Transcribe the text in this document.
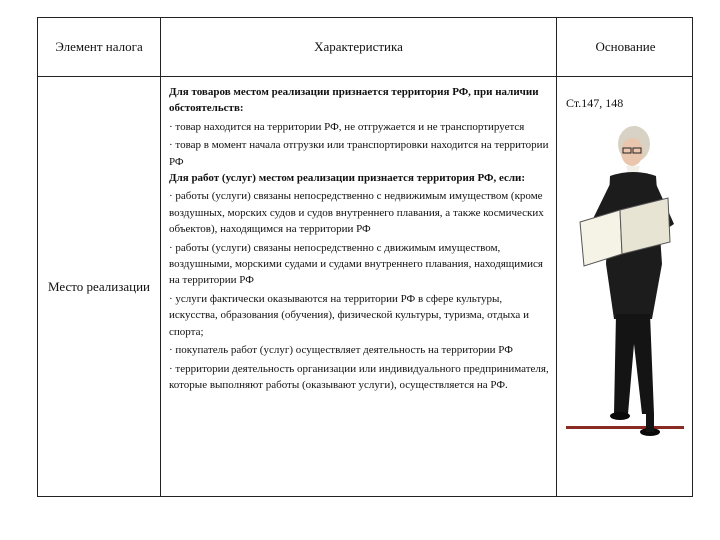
Элемент налога	Характеристика	Основание
Место реализации

Для товаров местом реализации признается территория РФ, при наличии обстоятельств:

· товар находится на территории РФ, не отгружается и не транспортируется

· товар в момент начала отгрузки или транспортировки находится на территории РФ

Для работ (услуг) местом реализации признается территория РФ, если:

· работы (услуги) связаны непосредственно с недвижимым имуществом (кроме воздушных, морских судов и судов внутреннего плавания, а также космических объектов), находящимся на территории РФ

· работы (услуги) связаны непосредственно с движимым имуществом, воздушными, морскими судами и судами внутреннего плавания, находящимися на территории РФ

· услуги фактически оказываются на территории РФ в сфере культуры, искусства, образования (обучения), физической культуры, туризма, отдыха и спорта;

· покупатель работ (услуг) осуществляет деятельность на территории РФ

· территории деятельность организации или индивидуального предпринимателя, которые выполняют работы (оказывают услуги), осуществляется на РФ.

Ст.147, 148
